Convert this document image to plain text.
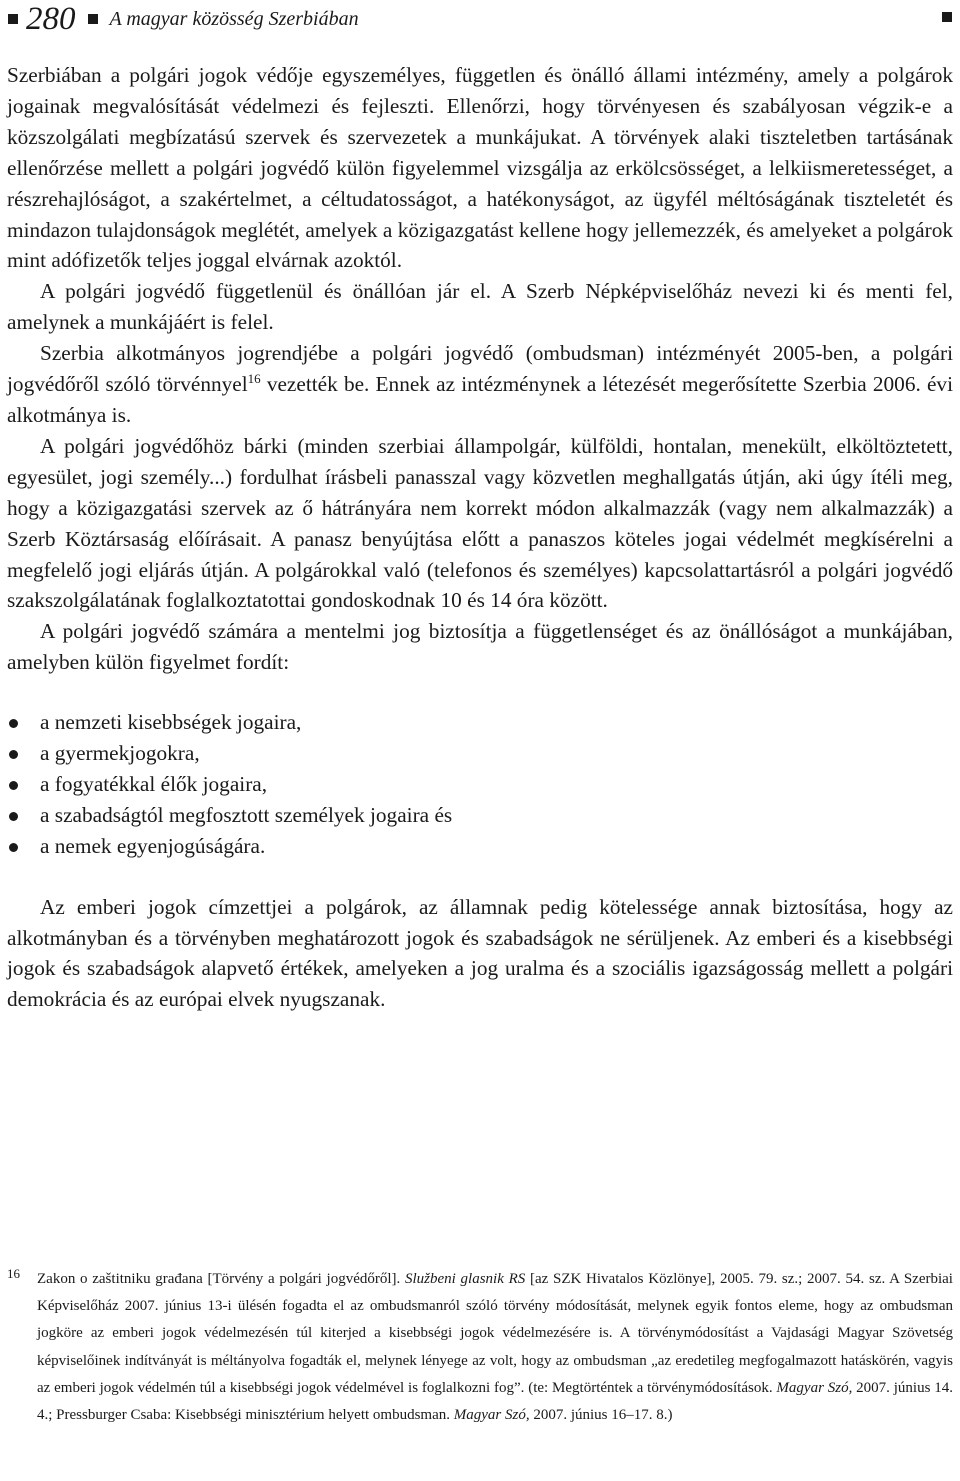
280 A magyar közösség Szerbiában

Szerbiában a polgári jogok védője egyszemélyes, független és önálló állami intézmény, amely a polgárok jogainak megvalósítását védelmezi és fejleszti. Ellenőrzi, hogy törvényesen és szabályosan végzik-e a közszolgálati megbízatású szervek és szervezetek a munkájukat. A törvények alaki tiszteletben tartásának ellenőrzése mellett a polgári jogvédő külön figyelemmel vizsgálja az erkölcsösséget, a lelkiismeretességet, a részrehajlóságot, a szakértelmet, a céltudatosságot, a hatékonyságot, az ügyfél méltóságának tiszteletét és mindazon tulajdonságok meglétét, amelyek a közigazgatást kellene hogy jellemezzék, és amelyeket a polgárok mint adófizetők teljes joggal elvárnak azoktól.

A polgári jogvédő függetlenül és önállóan jár el. A Szerb Népképviselőház nevezi ki és menti fel, amelynek a munkájáért is felel.

Szerbia alkotmányos jogrendjébe a polgári jogvédő (ombudsman) intézményét 2005-ben, a polgári jogvédőről szóló törvénnyel$^{16}$ vezették be. Ennek az intézménynek a létezését megerősítette Szerbia 2006. évi alkotmánya is.

A polgári jogvédőhöz bárki (minden szerbiai állampolgár, külföldi, hontalan, menekült, elköltöztetett, egyesület, jogi személy...) fordulhat írásbeli panasszal vagy közvetlen meghallgatás útján, aki úgy ítéli meg, hogy a közigazgatási szervek az ő hátrányára nem korrekt módon alkalmazzák (vagy nem alkalmazzák) a Szerb Köztársaság előírásait. A panasz benyújtása előtt a panaszos köteles jogai védelmét megkísérelni a megfelelő jogi eljárás útján. A polgárokkal való (telefonos és személyes) kapcsolattartásról a polgári jogvédő szakszolgálatának foglalkoztatottai gondoskodnak 10 és 14 óra között.

A polgári jogvédő számára a mentelmi jog biztosítja a függetlenséget és az önállóságot a munkájában, amelyben külön figyelmet fordít:

a nemzeti kisebbségek jogaira,
a gyermekjogokra,
a fogyatékkal élők jogaira,
a szabadságtól megfosztott személyek jogaira és
a nemek egyenjogúságára.

Az emberi jogok címzettjei a polgárok, az államnak pedig kötelessége annak biztosítása, hogy az alkotmányban és a törvényben meghatározott jogok és szabadságok ne sérüljenek. Az emberi és a kisebbségi jogok és szabadságok alapvető értékek, amelyeken a jog uralma és a szociális igazságosság mellett a polgári demokrácia és az európai elvek nyugszanak.

16	Zakon o zaštitniku građana [Törvény a polgári jogvédőről]. Službeni glasnik RS [az SZK Hivatalos Közlönye], 2005. 79. sz.; 2007. 54. sz. A Szerbiai Képviselőház 2007. június 13-i ülésén fogadta el az ombudsmanról szóló törvény módosítását, melynek egyik fontos eleme, hogy az ombudsman jogköre az emberi jogok védelmezésén túl kiterjed a kisebbségi jogok védelmezésére is. A törvénymódosítást a Vajdasági Magyar Szövetség képviselőinek indítványát is méltányolva fogadták el, melynek lényege az volt, hogy az ombudsman „az eredetileg megfogalmazott hatáskörén, vagyis az emberi jogok védelmén túl a kisebbségi jogok védelmével is foglalkozni fog”. (te: Megtörténtek a törvénymódosítások. Magyar Szó, 2007. június 14. 4.; Pressburger Csaba: Kisebbségi minisztérium helyett ombudsman. Magyar Szó, 2007. június 16–17. 8.)
